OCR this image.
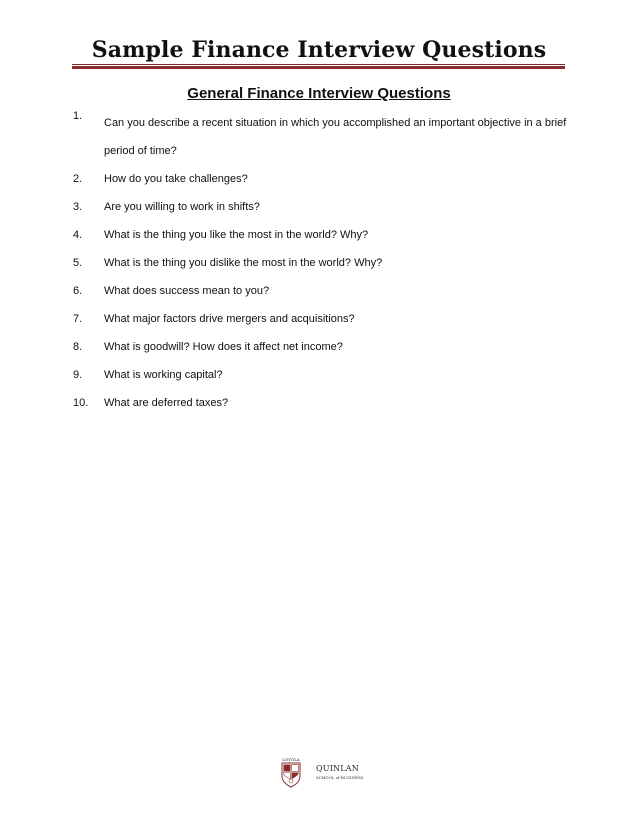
Sample Finance Interview Questions
General Finance Interview Questions
1.
Can you describe a recent situation in which you accomplished an important objective in a brief period of time?
2. How do you take challenges?
3. Are you willing to work in shifts?
4. What is the thing you like the most in the world? Why?
5. What is the thing you dislike the most in the world? Why?
6. What does success mean to you?
7. What major factors drive mergers and acquisitions?
8. What is goodwill? How does it affect net income?
9. What is working capital?
10. What are deferred taxes?
LOYOLA
QUINLAN
SCHOOL of BUSINESS
